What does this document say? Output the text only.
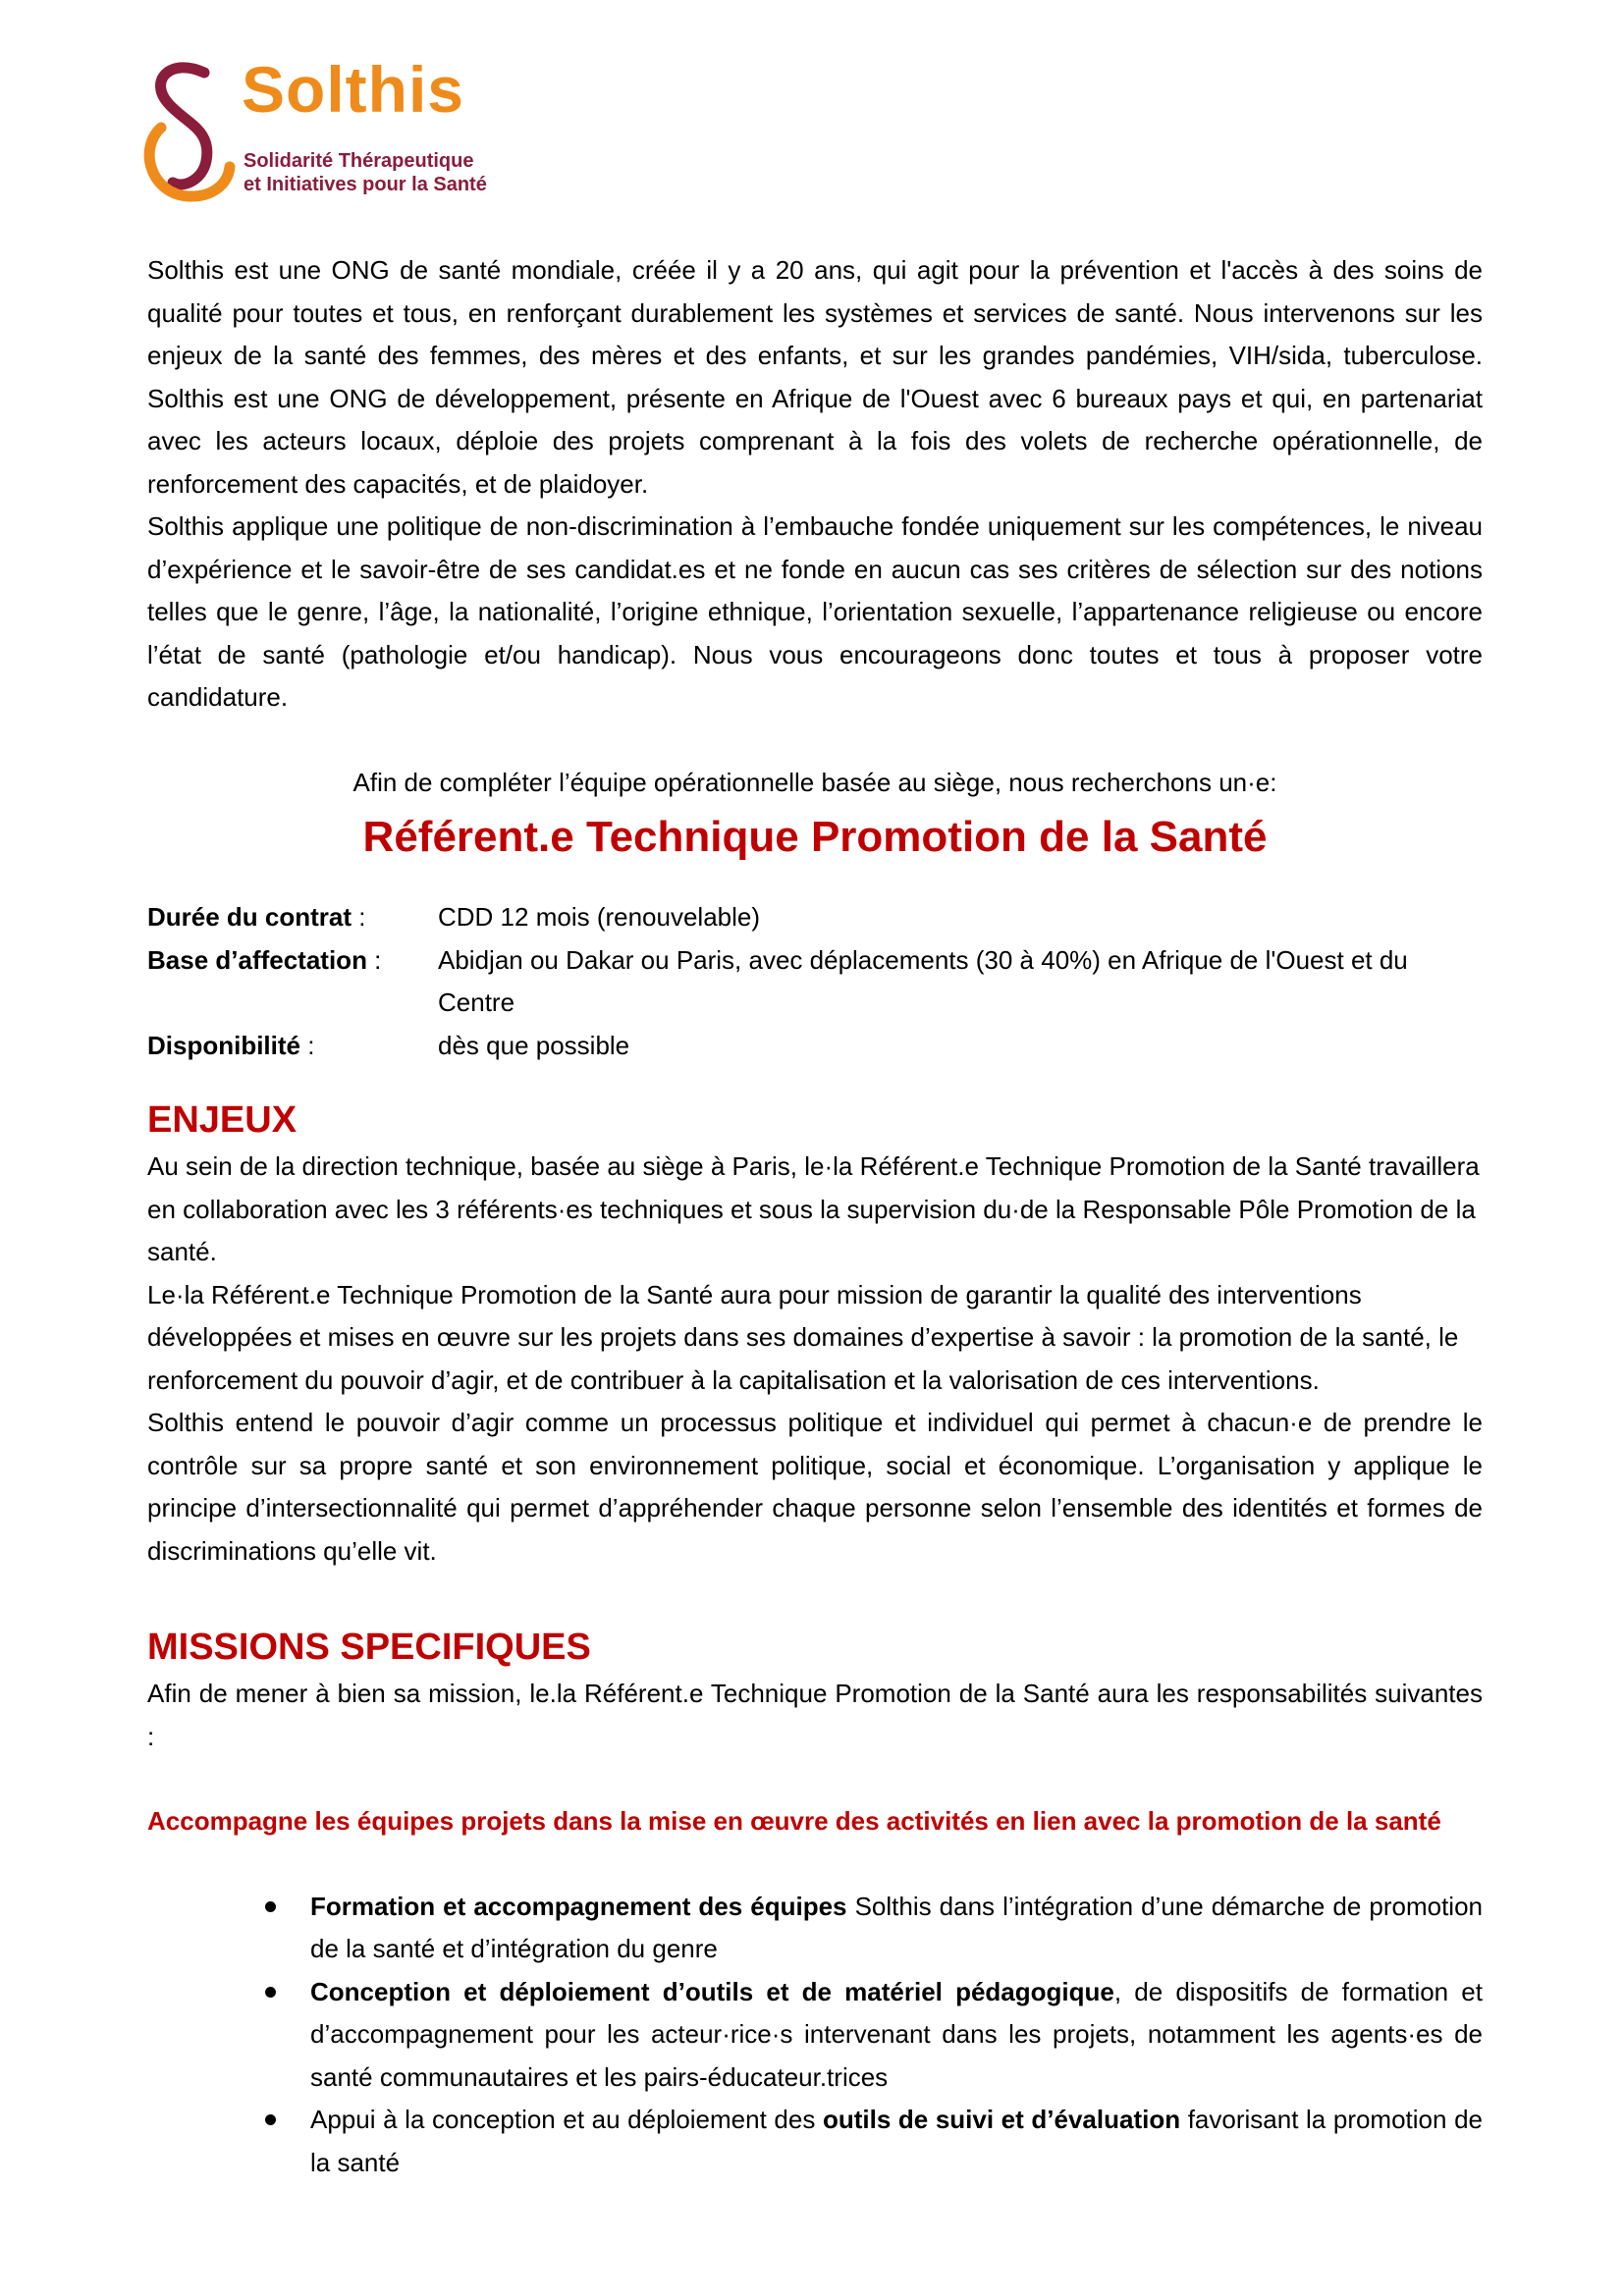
Solthis
Solidarité Thérapeutique
et Initiatives pour la Santé

Solthis est une ONG de santé mondiale, créée il y a 20 ans, qui agit pour la prévention et l'accès à des soins de qualité pour toutes et tous, en renforçant durablement les systèmes et services de santé. Nous intervenons sur les enjeux de la santé des femmes, des mères et des enfants, et sur les grandes pandémies, VIH/sida, tuberculose. Solthis est une ONG de développement, présente en Afrique de l'Ouest avec 6 bureaux pays et qui, en partenariat avec les acteurs locaux, déploie des projets comprenant à la fois des volets de recherche opérationnelle, de renforcement des capacités, et de plaidoyer.

Solthis applique une politique de non-discrimination à l’embauche fondée uniquement sur les compétences, le niveau d’expérience et le savoir-être de ses candidat.es et ne fonde en aucun cas ses critères de sélection sur des notions telles que le genre, l’âge, la nationalité, l’origine ethnique, l’orientation sexuelle, l’appartenance religieuse ou encore l’état de santé (pathologie et/ou handicap). Nous vous encourageons donc toutes et tous à proposer votre candidature.

Afin de compléter l’équipe opérationnelle basée au siège, nous recherchons un·e:

Référent.e Technique Promotion de la Santé
Durée du contrat :	CDD 12 mois (renouvelable)
Base d’affectation :	Abidjan ou Dakar ou Paris, avec déplacements (30 à 40%) en Afrique de l'Ouest et du Centre
Disponibilité :	dès que possible
ENJEUX

Au sein de la direction technique, basée au siège à Paris, le·la Référent.e Technique Promotion de la Santé travaillera en collaboration avec les 3 référents·es techniques et sous la supervision du·de la Responsable Pôle Promotion de la santé.

Le·la Référent.e Technique Promotion de la Santé aura pour mission de garantir la qualité des interventions développées et mises en œuvre sur les projets dans ses domaines d’expertise à savoir : la promotion de la santé, le renforcement du pouvoir d’agir, et de contribuer à la capitalisation et la valorisation de ces interventions.

Solthis entend le pouvoir d’agir comme un processus politique et individuel qui permet à chacun·e de prendre le contrôle sur sa propre santé et son environnement politique, social et économique. L’organisation y applique le principe d’intersectionnalité qui permet d’appréhender chaque personne selon l’ensemble des identités et formes de discriminations qu’elle vit.

MISSIONS SPECIFIQUES

Afin de mener à bien sa mission, le.la Référent.e Technique Promotion de la Santé aura les responsabilités suivantes :

Accompagne les équipes projets dans la mise en œuvre des activités en lien avec la promotion de la santé
Formation et accompagnement des équipes Solthis dans l’intégration d’une démarche de promotion de la santé et d’intégration du genre
Conception et déploiement d’outils et de matériel pédagogique, de dispositifs de formation et d’accompagnement pour les acteur·rice·s intervenant dans les projets, notamment les agents·es de santé communautaires et les pairs-éducateur.trices
Appui à la conception et au déploiement des outils de suivi et d’évaluation favorisant la promotion de la santé
